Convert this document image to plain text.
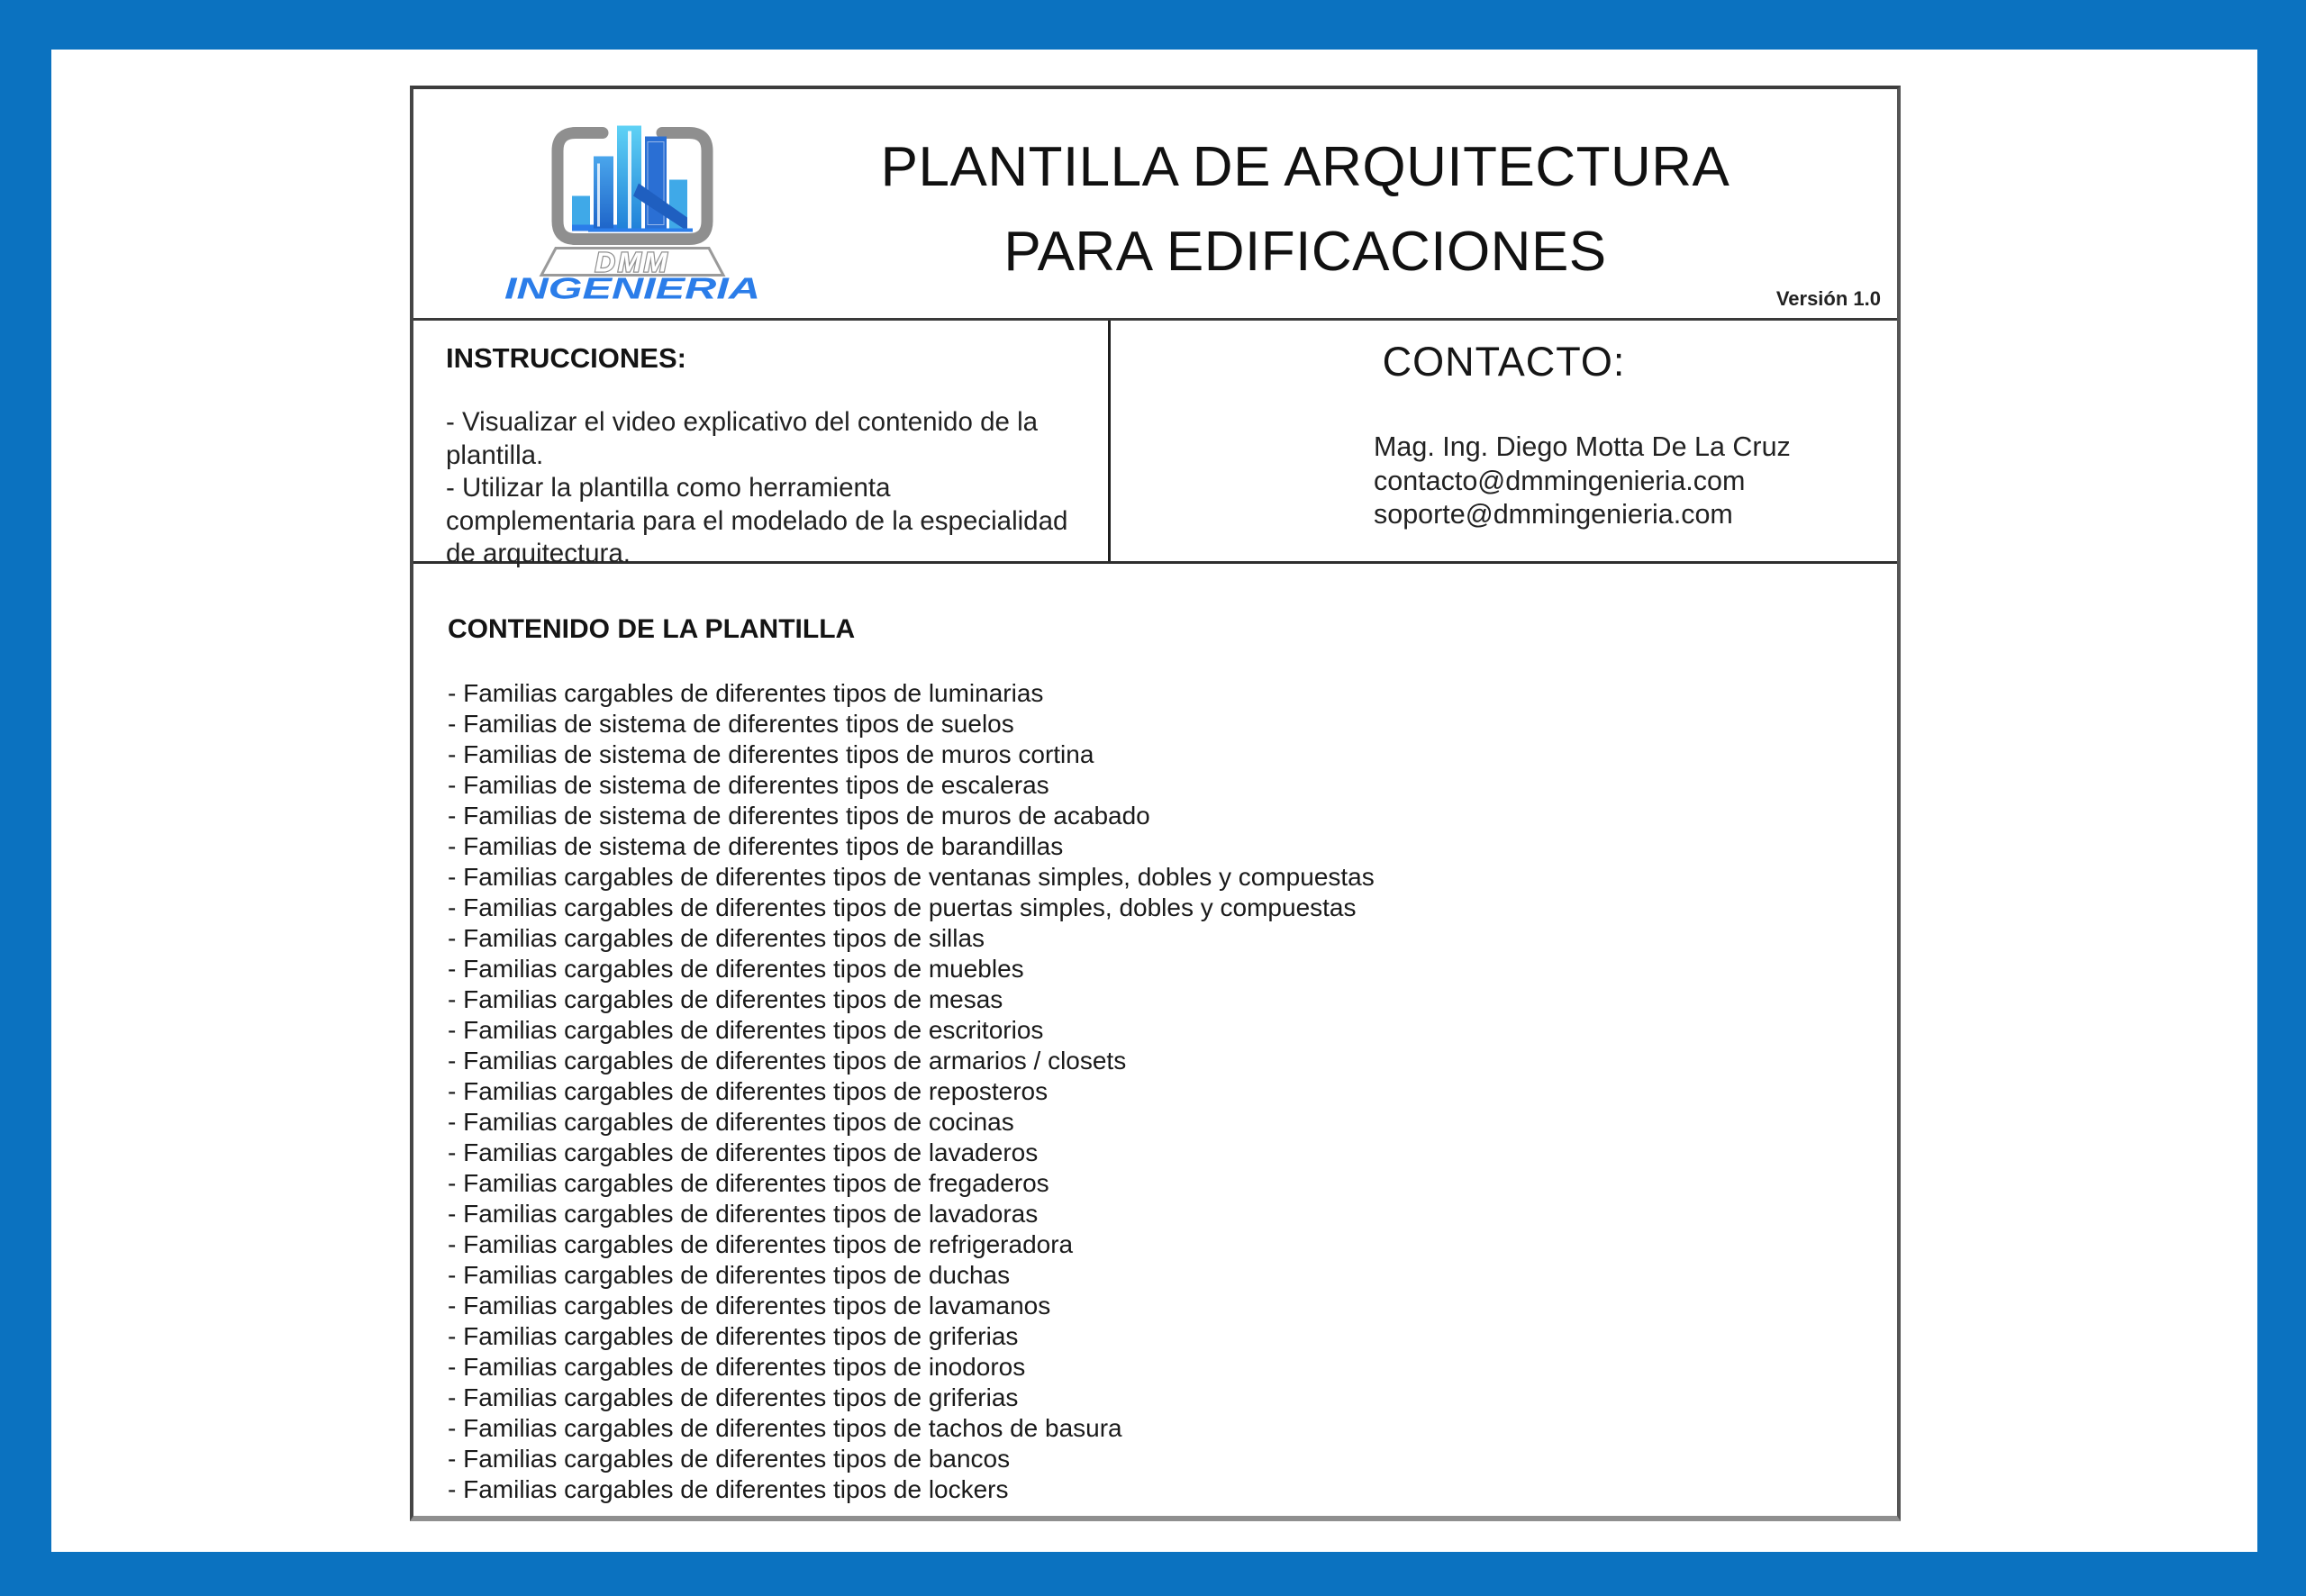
DMM
INGENIERIA
PLANTILLA DE ARQUITECTURA
PARA EDIFICACIONES
Versión 1.0
INSTRUCCIONES:
- Visualizar el video explicativo del contenido de la plantilla.
- Utilizar la plantilla como herramienta complementaria para el modelado de la especialidad de arquitectura.
CONTACTO:
Mag. Ing. Diego Motta De La Cruz
contacto@dmmingenieria.com
soporte@dmmingenieria.com
CONTENIDO DE LA PLANTILLA
- Familias cargables de diferentes tipos de luminarias
- Familias de sistema de diferentes tipos de suelos
- Familias de sistema de diferentes tipos de muros cortina
- Familias de sistema de diferentes tipos de escaleras
- Familias de sistema de diferentes tipos de muros de acabado
- Familias de sistema de diferentes tipos de barandillas
- Familias cargables de diferentes tipos de ventanas simples, dobles y compuestas
- Familias cargables de diferentes tipos de puertas simples, dobles y compuestas
- Familias cargables de diferentes tipos de sillas
- Familias cargables de diferentes tipos de muebles
- Familias cargables de diferentes tipos de mesas
- Familias cargables de diferentes tipos de escritorios
- Familias cargables de diferentes tipos de armarios / closets
- Familias cargables de diferentes tipos de reposteros
- Familias cargables de diferentes tipos de cocinas
- Familias cargables de diferentes tipos de lavaderos
- Familias cargables de diferentes tipos de fregaderos
- Familias cargables de diferentes tipos de lavadoras
- Familias cargables de diferentes tipos de refrigeradora
- Familias cargables de diferentes tipos de duchas
- Familias cargables de diferentes tipos de lavamanos
- Familias cargables de diferentes tipos de griferias
- Familias cargables de diferentes tipos de inodoros
- Familias cargables de diferentes tipos de griferias
- Familias cargables de diferentes tipos de tachos de basura
- Familias cargables de diferentes tipos de bancos
- Familias cargables de diferentes tipos de lockers
